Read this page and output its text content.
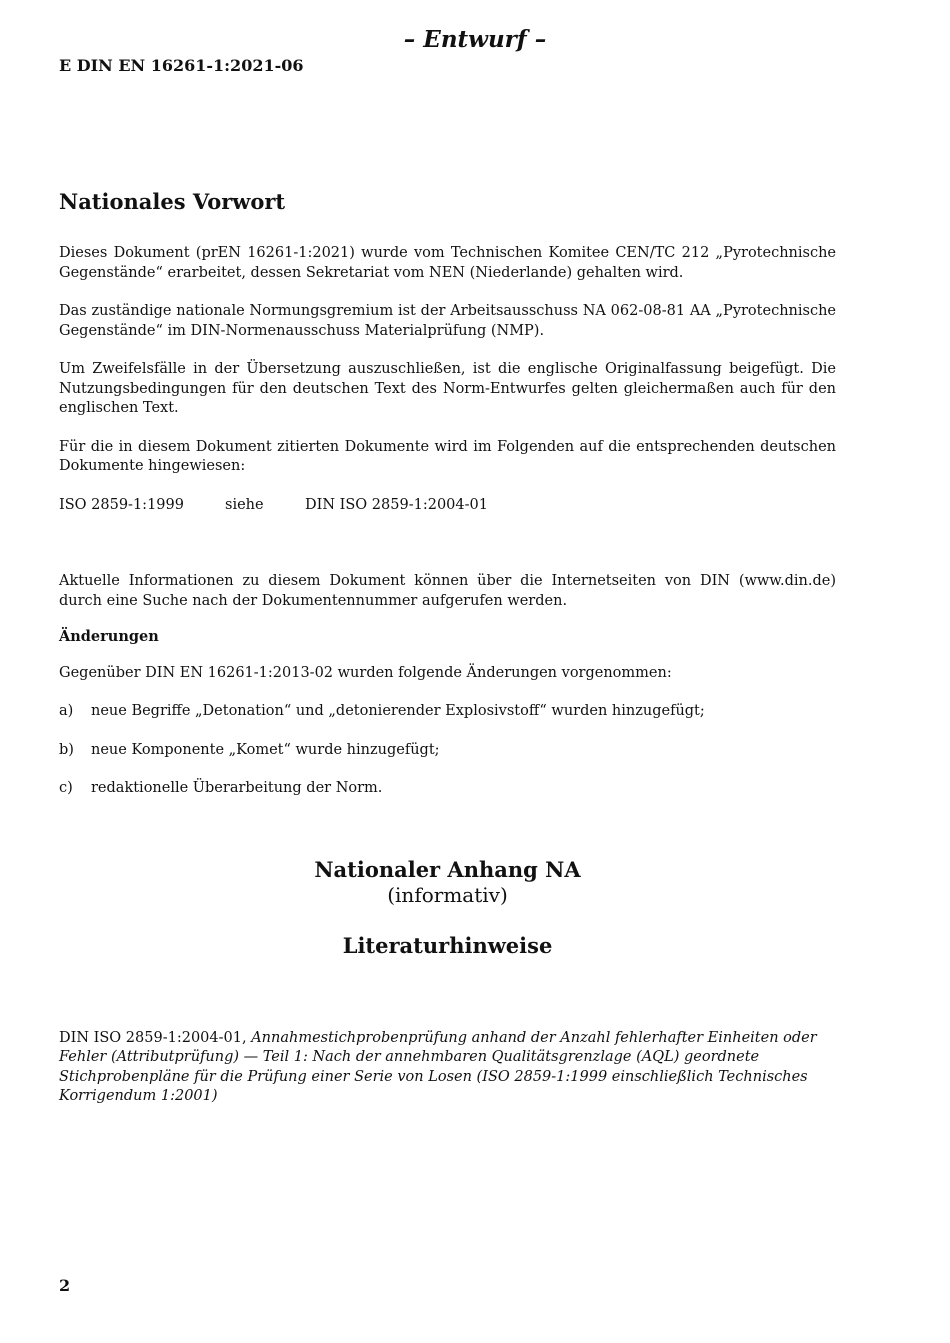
– Entwurf –
E DIN EN 16261-1:2021-06
Nationales Vorwort

Dieses Dokument (prEN 16261-1:2021) wurde vom Technischen Komitee CEN/TC 212 „Pyrotechnische Gegenstände“ erarbeitet, dessen Sekretariat vom NEN (Niederlande) gehalten wird.

Das zuständige nationale Normungsgremium ist der Arbeitsausschuss NA 062-08-81 AA „Pyrotechnische Gegenstände“ im DIN-Normenausschuss Materialprüfung (NMP).

Um Zweifelsfälle in der Übersetzung auszuschließen, ist die englische Originalfassung beigefügt. Die Nutzungsbedingungen für den deutschen Text des Norm-Entwurfes gelten gleichermaßen auch für den englischen Text.

Für die in diesem Dokument zitierten Dokumente wird im Folgenden auf die entsprechenden deutschen Dokumente hingewiesen:

ISO 2859-1:1999	siehe	DIN ISO 2859-1:2004-01

Aktuelle Informationen zu diesem Dokument können über die Internetseiten von DIN (www.din.de) durch eine Suche nach der Dokumentennummer aufgerufen werden.

Änderungen

Gegenüber DIN EN 16261-1:2013-02 wurden folgende Änderungen vorgenommen:

a)	neue Begriffe „Detonation“ und „detonierender Explosivstoff“ wurden hinzugefügt;
b)	neue Komponente „Komet“ wurde hinzugefügt;
c)	redaktionelle Überarbeitung der Norm.
Nationaler Anhang NA
(informativ)
Literaturhinweise
DIN ISO 2859-1:2004-01, Annahmestichprobenprüfung anhand der Anzahl fehlerhafter Einheiten oder Fehler (Attributprüfung) — Teil 1: Nach der annehmbaren Qualitätsgrenzlage (AQL) geordnete Stichprobenpläne für die Prüfung einer Serie von Losen (ISO 2859-1:1999 einschließlich Technisches Korrigendum 1:2001)
2
